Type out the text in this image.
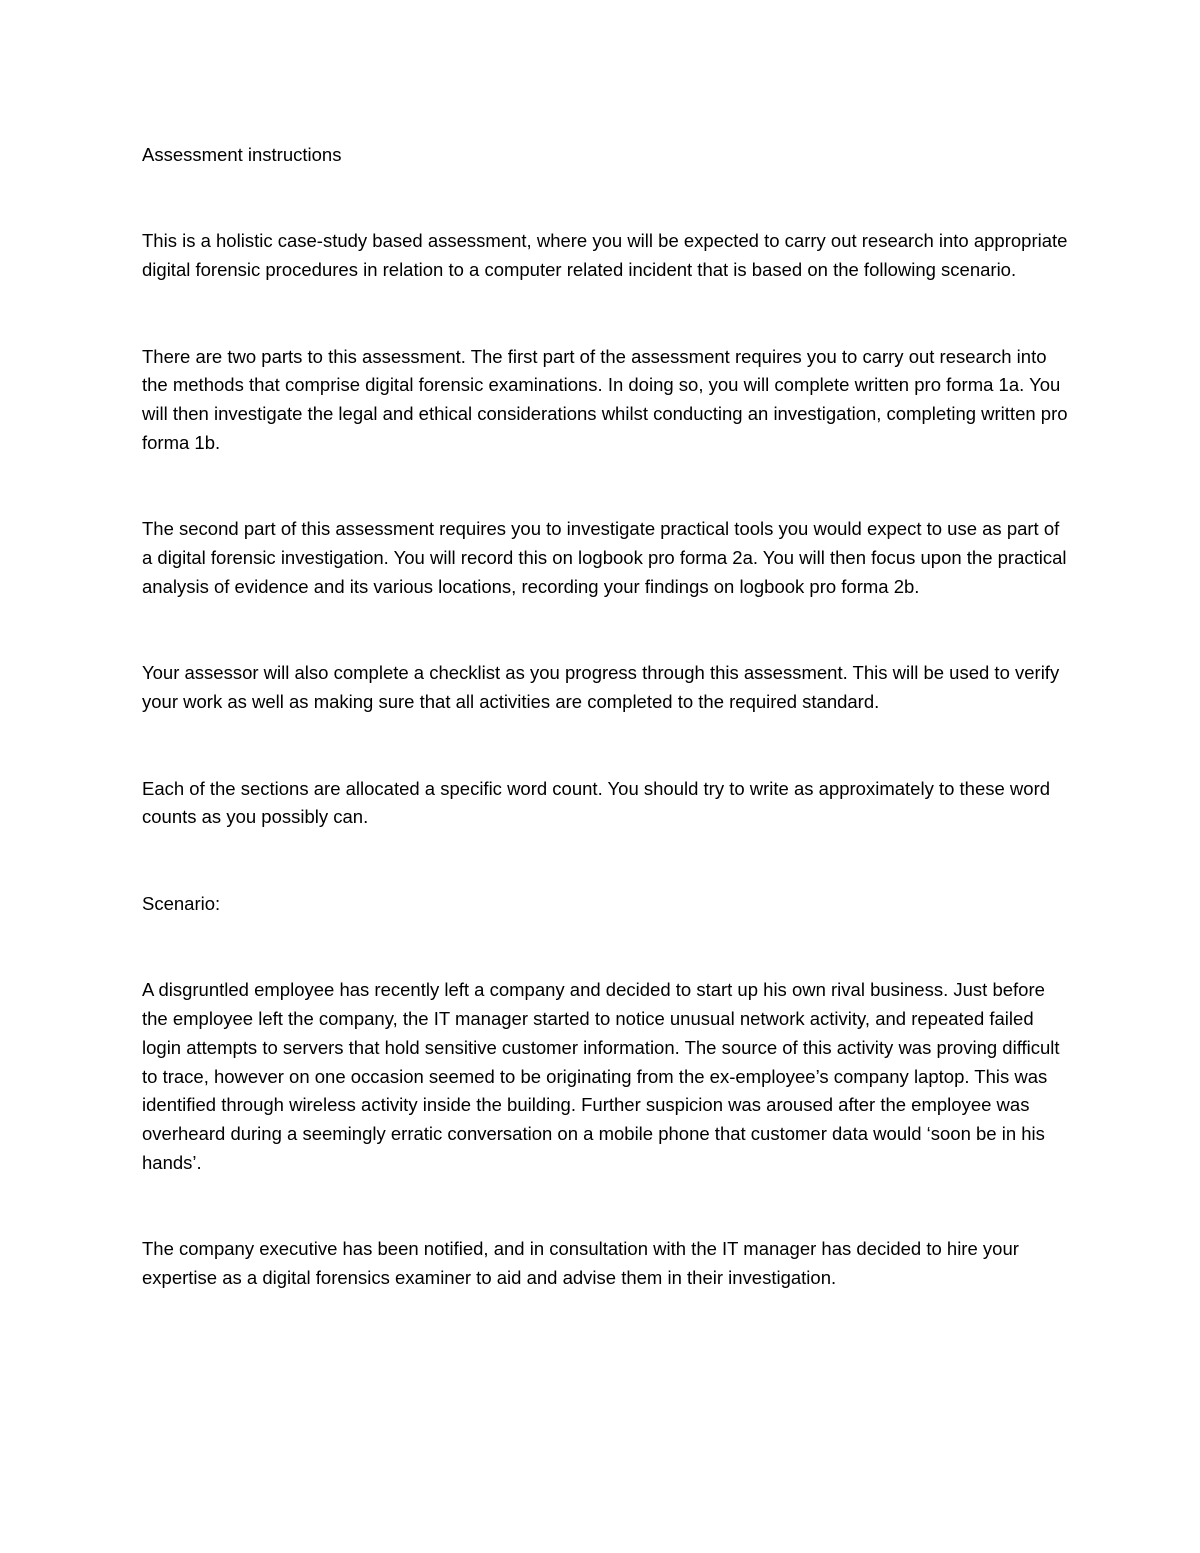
Assessment instructions

This is a holistic case-study based assessment, where you will be expected to carry out research into appropriate digital forensic procedures in relation to a computer related incident that is based on the following scenario.

There are two parts to this assessment. The first part of the assessment requires you to carry out research into the methods that comprise digital forensic examinations. In doing so, you will complete written pro forma 1a. You will then investigate the legal and ethical considerations whilst conducting an investigation, completing written pro forma 1b.

The second part of this assessment requires you to investigate practical tools you would expect to use as part of a digital forensic investigation. You will record this on logbook pro forma 2a. You will then focus upon the practical analysis of evidence and its various locations, recording your findings on logbook pro forma 2b.

Your assessor will also complete a checklist as you progress through this assessment. This will be used to verify your work as well as making sure that all activities are completed to the required standard.

Each of the sections are allocated a specific word count. You should try to write as approximately to these word counts as you possibly can.

Scenario:

A disgruntled employee has recently left a company and decided to start up his own rival business. Just before the employee left the company, the IT manager started to notice unusual network activity, and repeated failed login attempts to servers that hold sensitive customer information. The source of this activity was proving difficult to trace, however on one occasion seemed to be originating from the ex-employee’s company laptop. This was identified through wireless activity inside the building. Further suspicion was aroused after the employee was overheard during a seemingly erratic conversation on a mobile phone that customer data would ‘soon be in his hands’.

The company executive has been notified, and in consultation with the IT manager has decided to hire your expertise as a digital forensics examiner to aid and advise them in their investigation.
